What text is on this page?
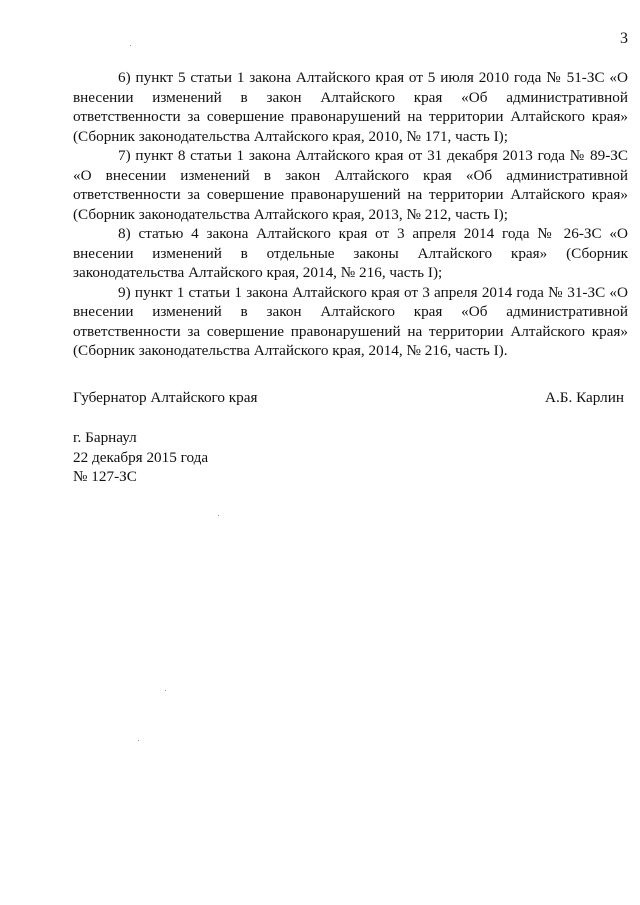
3

6) пункт 5 статьи 1 закона Алтайского края от 5 июля 2010 года № 51-ЗС «О внесении изменений в закон Алтайского края «Об административной ответственности за совершение правонарушений на территории Алтайского края» (Сборник законодательства Алтайского края, 2010, № 171, часть I);

7) пункт 8 статьи 1 закона Алтайского края от 31 декабря 2013 года № 89-ЗС «О внесении изменений в закон Алтайского края «Об административной ответственности за совершение правонарушений на территории Алтайского края» (Сборник законодательства Алтайского края, 2013, № 212, часть I);

8) статью 4 закона Алтайского края от 3 апреля 2014 года № 26-ЗС «О внесении изменений в отдельные законы Алтайского края» (Сборник законодательства Алтайского края, 2014, № 216, часть I);

9) пункт 1 статьи 1 закона Алтайского края от 3 апреля 2014 года № 31-ЗС «О внесении изменений в закон Алтайского края «Об административной ответственности за совершение правонарушений на территории Алтайского края» (Сборник законодательства Алтайского края, 2014, № 216, часть I).

Губернатор Алтайского края	А.Б. Карлин
г. Барнаул
22 декабря 2015 года
№ 127-ЗС
